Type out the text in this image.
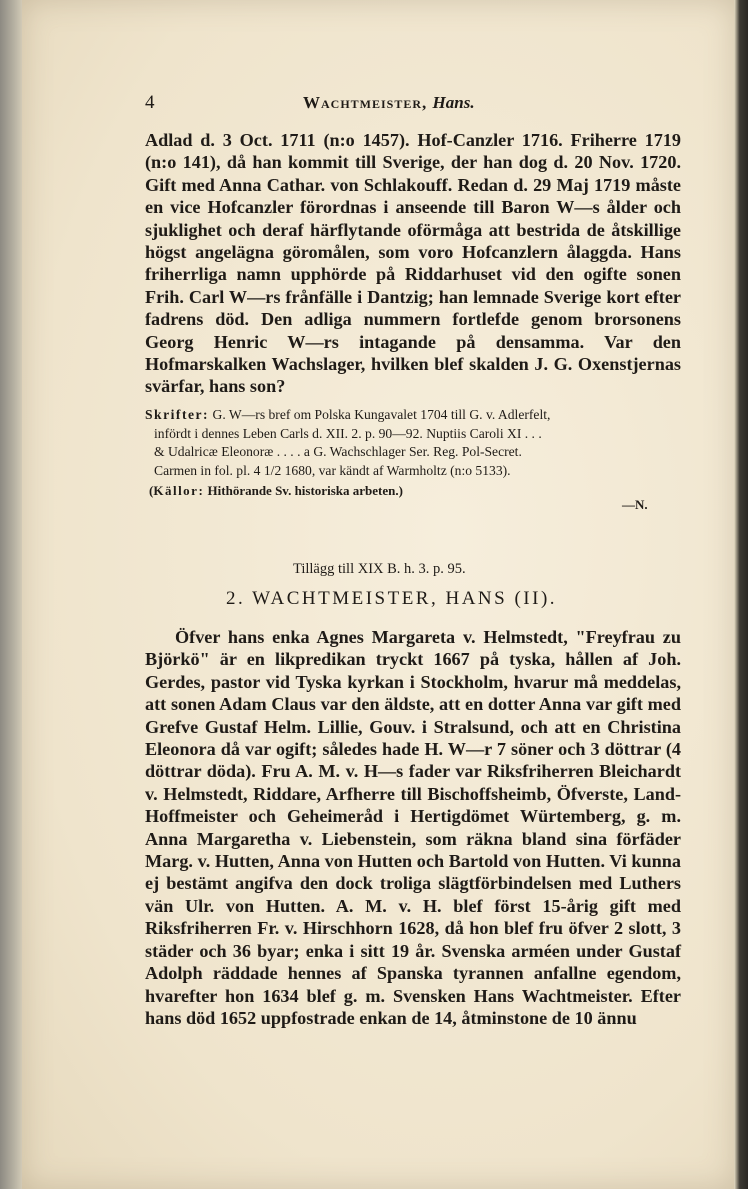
4	Wachtmeister, Hans.

Adlad d. 3 Oct. 1711 (n:o 1457). Hof-Canzler 1716. Friherre 1719 (n:o 141), då han kommit till Sverige, der han dog d. 20 Nov. 1720. Gift med Anna Cathar. von Schlakouff. Redan d. 29 Maj 1719 måste en vice Hofcanzler förordnas i anseende till Baron W—s ålder och sjuklighet och deraf härflytande oförmåga att bestrida de åtskillige högst angelägna göromålen, som voro Hofcanzlern ålaggda. Hans friherrliga namn upphörde på Riddarhuset vid den ogifte sonen Frih. Carl W—rs frånfälle i Dantzig; han lemnade Sverige kort efter fadrens död. Den adliga nummern fortlefde genom brorsonens Georg Henric W—rs intagande på densamma. Var den Hofmarskalken Wachslager, hvilken blef skalden J. G. Oxenstjernas svärfar, hans son?

Skrifter: G. W—rs bref om Polska Kungavalet 1704 till G. v. Adlerfelt,
infördt i dennes Leben Carls d. XII. 2. p. 90—92. Nuptiis Caroli XI . . .
& Udalricæ Eleonoræ . . . . a G. Wachschlager Ser. Reg. Pol-Secret.
Carmen in fol. pl. 4 1/2 1680, var kändt af Warmholtz (n:o 5133).
(Källor: Hithörande Sv. historiska arbeten.)
—N.
Tillägg till XIX B. h. 3. p. 95.
2. WACHTMEISTER, HANS (II).

Öfver hans enka Agnes Margareta v. Helmstedt, "Freyfrau zu Björkö" är en likpredikan tryckt 1667 på tyska, hållen af Joh. Gerdes, pastor vid Tyska kyrkan i Stockholm, hvarur må meddelas, att sonen Adam Claus var den äldste, att en dotter Anna var gift med Grefve Gustaf Helm. Lillie, Gouv. i Stralsund, och att en Christina Eleonora då var ogift; således hade H. W—r 7 söner och 3 döttrar (4 döttrar döda). Fru A. M. v. H—s fader var Riksfriherren Bleichardt v. Helmstedt, Riddare, Arfherre till Bischoffsheimb, Öfverste, Land-Hoffmeister och Geheimeråd i Hertigdömet Würtemberg, g. m. Anna Margaretha v. Liebenstein, som räkna bland sina förfäder Marg. v. Hutten, Anna von Hutten och Bartold von Hutten. Vi kunna ej bestämt angifva den dock troliga slägtförbindelsen med Luthers vän Ulr. von Hutten. A. M. v. H. blef först 15-årig gift med Riksfriherren Fr. v. Hirschhorn 1628, då hon blef fru öfver 2 slott, 3 städer och 36 byar; enka i sitt 19 år. Svenska arméen under Gustaf Adolph räddade hennes af Spanska tyrannen anfallne egendom, hvarefter hon 1634 blef g. m. Svensken Hans Wachtmeister. Efter hans död 1652 uppfostrade enkan de 14, åtminstone de 10 ännu
